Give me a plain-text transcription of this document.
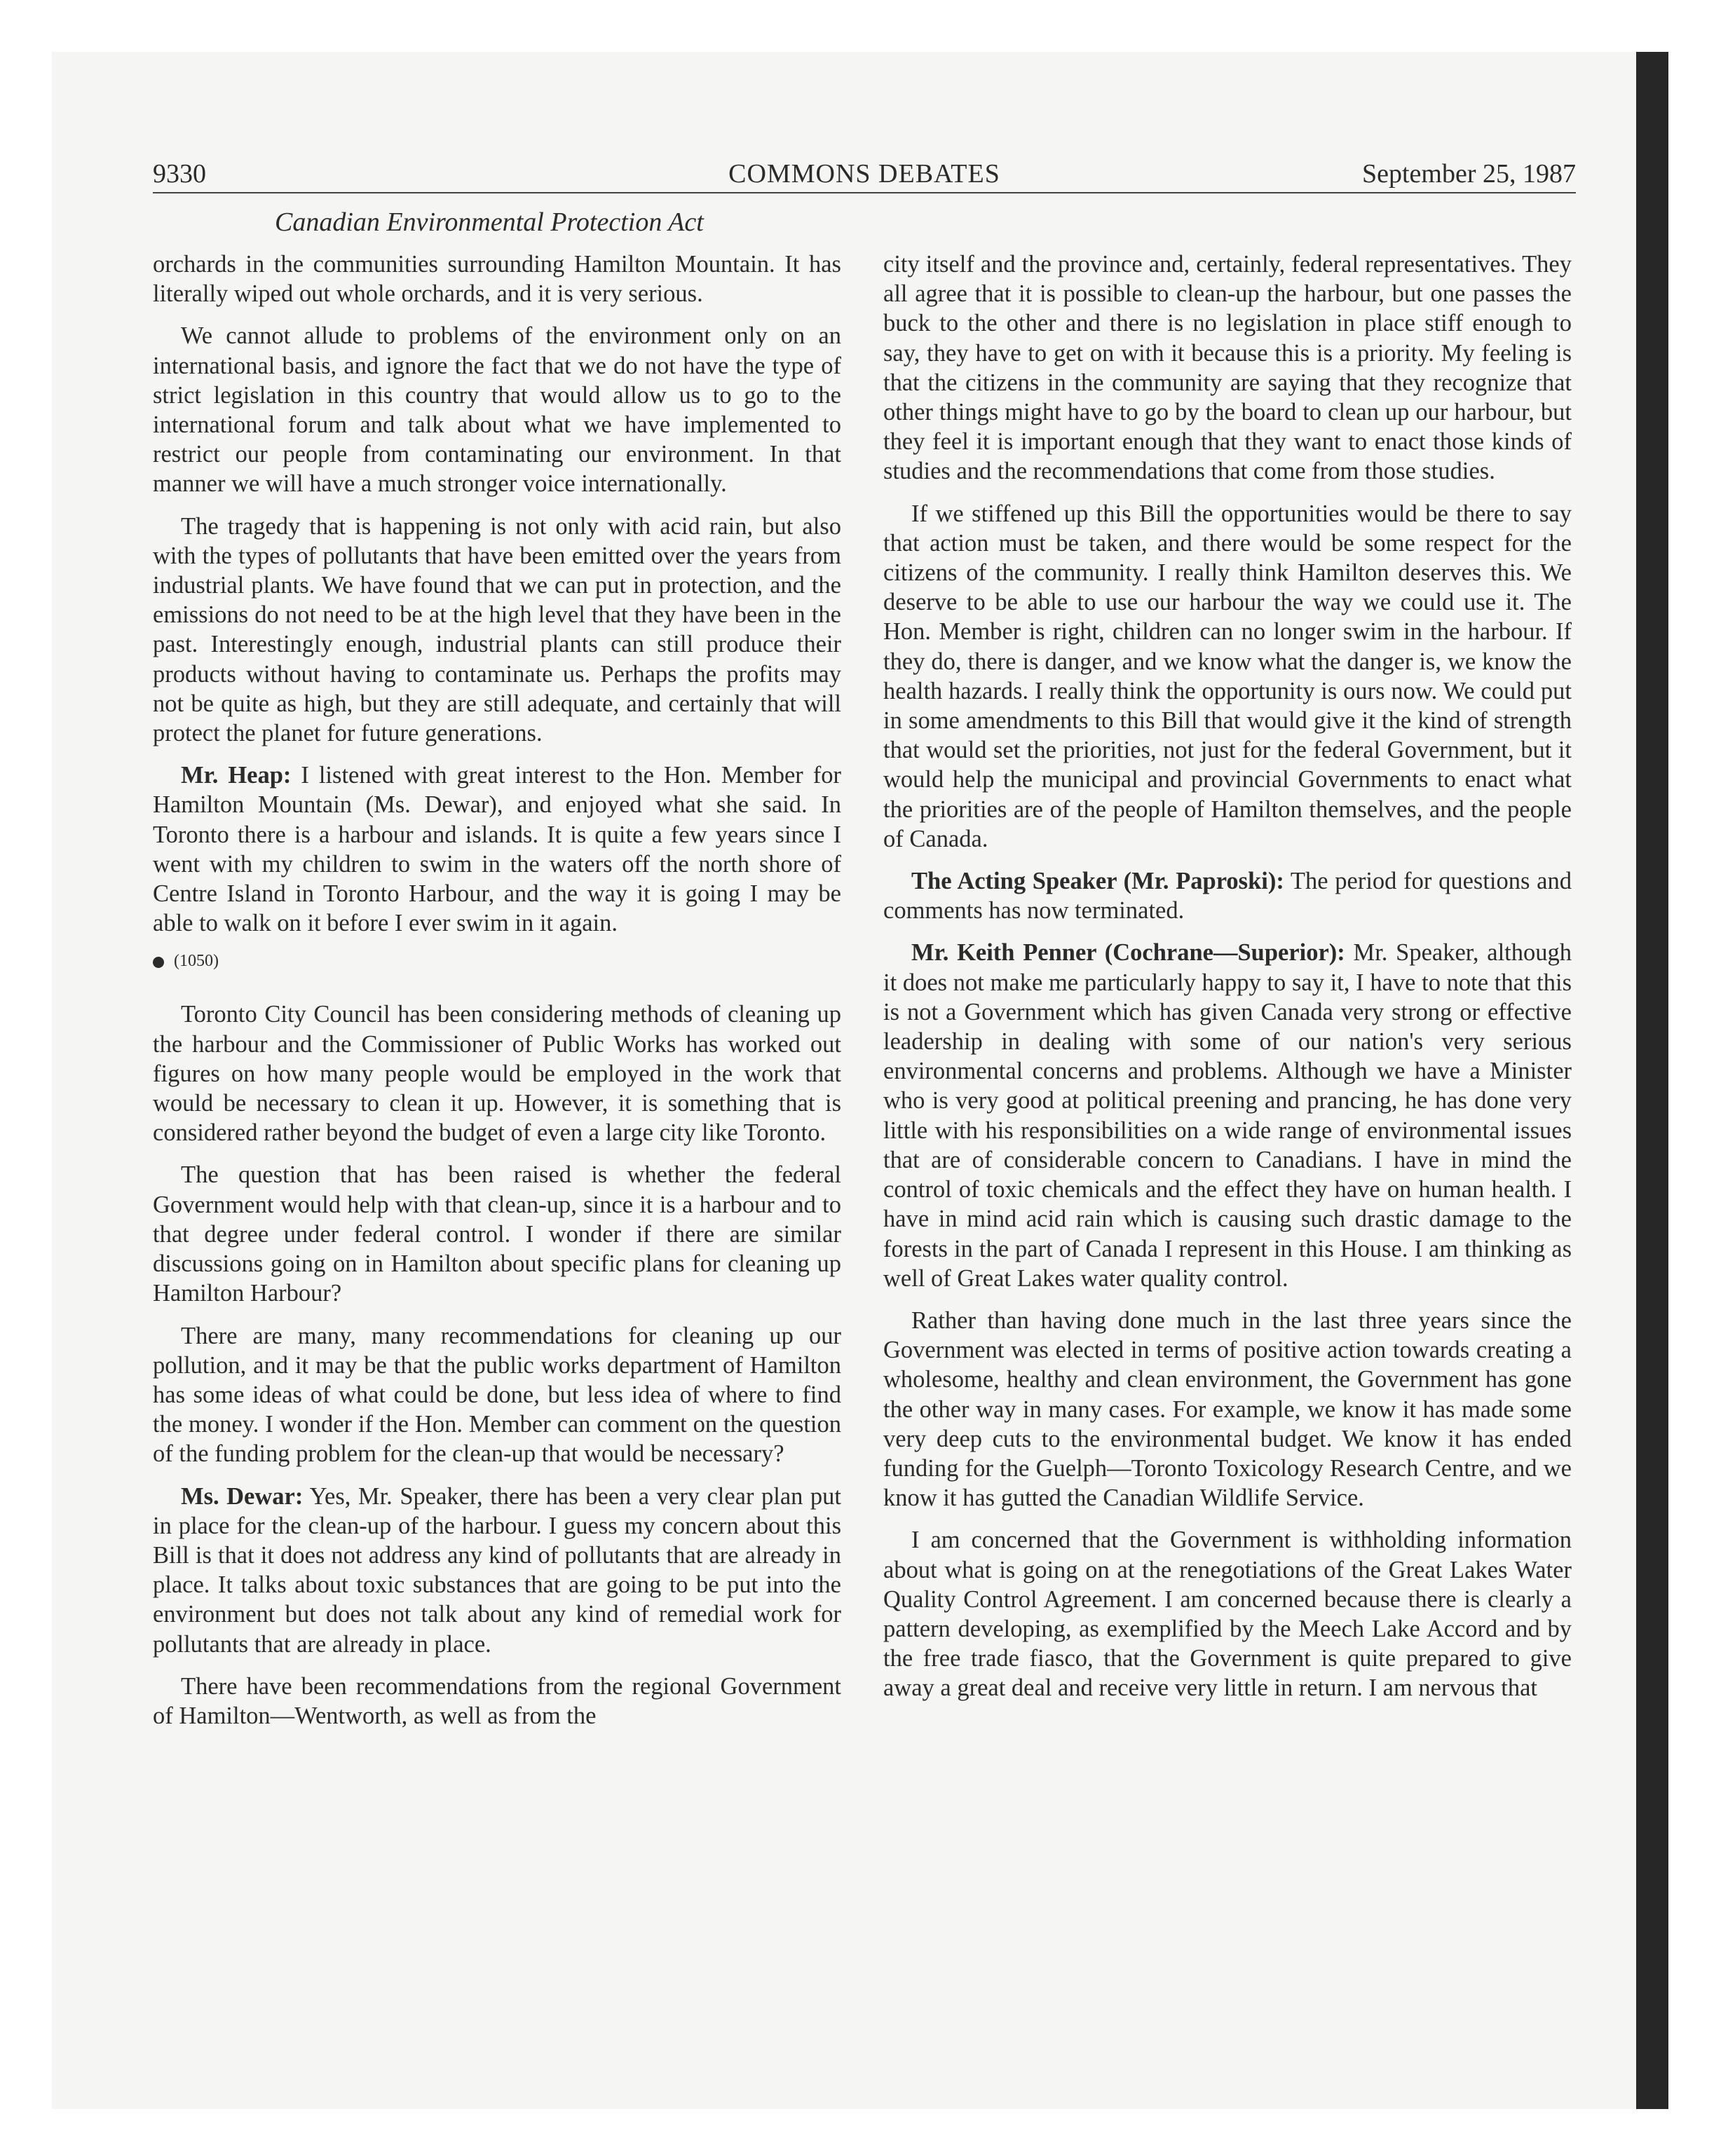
9330	COMMONS DEBATES	September 25, 1987
Canadian Environmental Protection Act

orchards in the communities surrounding Hamilton Mountain. It has literally wiped out whole orchards, and it is very serious.

We cannot allude to problems of the environment only on an international basis, and ignore the fact that we do not have the type of strict legislation in this country that would allow us to go to the international forum and talk about what we have implemented to restrict our people from contaminating our environment. In that manner we will have a much stronger voice internationally.

The tragedy that is happening is not only with acid rain, but also with the types of pollutants that have been emitted over the years from industrial plants. We have found that we can put in protection, and the emissions do not need to be at the high level that they have been in the past. Interestingly enough, industrial plants can still produce their products without having to contaminate us. Perhaps the profits may not be quite as high, but they are still adequate, and certainly that will protect the planet for future generations.

Mr. Heap: I listened with great interest to the Hon. Member for Hamilton Mountain (Ms. Dewar), and enjoyed what she said. In Toronto there is a harbour and islands. It is quite a few years since I went with my children to swim in the waters off the north shore of Centre Island in Toronto Harbour, and the way it is going I may be able to walk on it before I ever swim in it again.

(1050)

Toronto City Council has been considering methods of cleaning up the harbour and the Commissioner of Public Works has worked out figures on how many people would be employed in the work that would be necessary to clean it up. However, it is something that is considered rather beyond the budget of even a large city like Toronto.

The question that has been raised is whether the federal Government would help with that clean-up, since it is a harbour and to that degree under federal control. I wonder if there are similar discussions going on in Hamilton about specific plans for cleaning up Hamilton Harbour?

There are many, many recommendations for cleaning up our pollution, and it may be that the public works department of Hamilton has some ideas of what could be done, but less idea of where to find the money. I wonder if the Hon. Member can comment on the question of the funding problem for the clean-up that would be necessary?

Ms. Dewar: Yes, Mr. Speaker, there has been a very clear plan put in place for the clean-up of the harbour. I guess my concern about this Bill is that it does not address any kind of pollutants that are already in place. It talks about toxic substances that are going to be put into the environment but does not talk about any kind of remedial work for pollutants that are already in place.

There have been recommendations from the regional Government of Hamilton—Wentworth, as well as from the

city itself and the province and, certainly, federal representatives. They all agree that it is possible to clean-up the harbour, but one passes the buck to the other and there is no legislation in place stiff enough to say, they have to get on with it because this is a priority. My feeling is that the citizens in the community are saying that they recognize that other things might have to go by the board to clean up our harbour, but they feel it is important enough that they want to enact those kinds of studies and the recommendations that come from those studies.

If we stiffened up this Bill the opportunities would be there to say that action must be taken, and there would be some respect for the citizens of the community. I really think Hamilton deserves this. We deserve to be able to use our harbour the way we could use it. The Hon. Member is right, children can no longer swim in the harbour. If they do, there is danger, and we know what the danger is, we know the health hazards. I really think the opportunity is ours now. We could put in some amendments to this Bill that would give it the kind of strength that would set the priorities, not just for the federal Government, but it would help the municipal and provincial Governments to enact what the priorities are of the people of Hamilton themselves, and the people of Canada.

The Acting Speaker (Mr. Paproski): The period for questions and comments has now terminated.

Mr. Keith Penner (Cochrane—Superior): Mr. Speaker, although it does not make me particularly happy to say it, I have to note that this is not a Government which has given Canada very strong or effective leadership in dealing with some of our nation's very serious environmental concerns and problems. Although we have a Minister who is very good at political preening and prancing, he has done very little with his responsibilities on a wide range of environmental issues that are of considerable concern to Canadians. I have in mind the control of toxic chemicals and the effect they have on human health. I have in mind acid rain which is causing such drastic damage to the forests in the part of Canada I represent in this House. I am thinking as well of Great Lakes water quality control.

Rather than having done much in the last three years since the Government was elected in terms of positive action towards creating a wholesome, healthy and clean environment, the Government has gone the other way in many cases. For example, we know it has made some very deep cuts to the environmental budget. We know it has ended funding for the Guelph—Toronto Toxicology Research Centre, and we know it has gutted the Canadian Wildlife Service.

I am concerned that the Government is withholding information about what is going on at the renegotiations of the Great Lakes Water Quality Control Agreement. I am concerned because there is clearly a pattern developing, as exemplified by the Meech Lake Accord and by the free trade fiasco, that the Government is quite prepared to give away a great deal and receive very little in return. I am nervous that
